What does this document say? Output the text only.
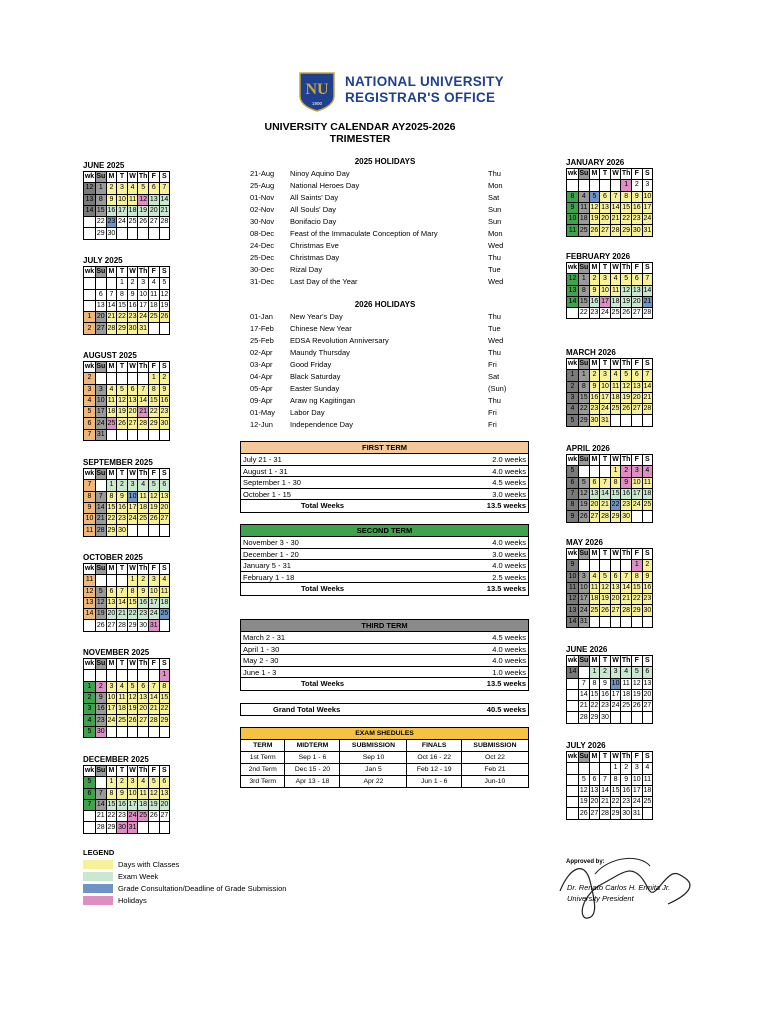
NU
1900
NATIONAL UNIVERSITY
REGISTRAR'S OFFICE
UNIVERSITY CALENDAR AY2025-2026
TRIMESTER
JUNE 2025
wk	Su	M	T	W	Th	F	S
12	1	2	3	4	5	6	7
13	8	9	10	11	12	13	14
14	15	16	17	18	19	20	21
	22	23	24	25	26	27	28
	29	30					
JULY 2025
wk	Su	M	T	W	Th	F	S
			1	2	3	4	5
	6	7	8	9	10	11	12
	13	14	15	16	17	18	19
1	20	21	22	23	24	25	26
2	27	28	29	30	31		
AUGUST 2025
wk	Su	M	T	W	Th	F	S
2						1	2
3	3	4	5	6	7	8	9
4	10	11	12	13	14	15	16
5	17	18	19	20	21	22	23
6	24	25	26	27	28	29	30
7	31						
SEPTEMBER 2025
wk	Su	M	T	W	Th	F	S
7		1	2	3	4	5	6
8	7	8	9	10	11	12	13
9	14	15	16	17	18	19	20
10	21	22	23	24	25	26	27
11	28	29	30				
OCTOBER 2025
wk	Su	M	T	W	Th	F	S
11				1	2	3	4
12	5	6	7	8	9	10	11
13	12	13	14	15	16	17	18
14	19	20	21	22	23	24	25
	26	27	28	29	30	31	
NOVEMBER 2025
wk	Su	M	T	W	Th	F	S
							1
1	2	3	4	5	6	7	8
2	9	10	11	12	13	14	15
3	16	17	18	19	20	21	22
4	23	24	25	26	27	28	29
5	30						
DECEMBER 2025
wk	Su	M	T	W	Th	F	S
5		1	2	3	4	5	6
6	7	8	9	10	11	12	13
7	14	15	16	17	18	19	20
	21	22	23	24	25	26	27
	28	29	30	31			
JANUARY 2026
wk	Su	M	T	W	Th	F	S
					1	2	3
8	4	5	6	7	8	9	10
9	11	12	13	14	15	16	17
10	18	19	20	21	22	23	24
11	25	26	27	28	29	30	31
FEBRUARY 2026
wk	Su	M	T	W	Th	F	S
12	1	2	3	4	5	6	7
13	8	9	10	11	12	13	14
14	15	16	17	18	19	20	21
	22	23	24	25	26	27	28
MARCH 2026
wk	Su	M	T	W	Th	F	S
1	1	2	3	4	5	6	7
2	8	9	10	11	12	13	14
3	15	16	17	18	19	20	21
4	22	23	24	25	26	27	28
5	29	30	31				
APRIL 2026
wk	Su	M	T	W	Th	F	S
5				1	2	3	4
6	5	6	7	8	9	10	11
7	12	13	14	15	16	17	18
8	19	20	21	22	23	24	25
9	26	27	28	29	30		
MAY 2026
wk	Su	M	T	W	Th	F	S
9						1	2
10	3	4	5	6	7	8	9
11	10	11	12	13	14	15	16
12	17	18	19	20	21	22	23
13	24	25	26	27	28	29	30
14	31						
JUNE 2026
wk	Su	M	T	W	Th	F	S
14		1	2	3	4	5	6
	7	8	9	10	11	12	13
	14	15	16	17	18	19	20
	21	22	23	24	25	26	27
	28	29	30				
JULY 2026
wk	Su	M	T	W	Th	F	S
				1	2	3	4
	5	6	7	8	9	10	11
	12	13	14	15	16	17	18
	19	20	21	22	23	24	25
	26	27	28	29	30	31	
2025 HOLIDAYS
21-Aug Ninoy Aquino Day	Thu
25-Aug National Heroes Day	Mon
01-Nov All Saints' Day	Sat
02-Nov All Souls' Day	Sun
30-Nov Bonifacio Day	Sun
08-Dec Feast of the Immaculate Conception of Mary	Mon
24-Dec Christmas Eve	Wed
25-Dec Christmas Day	Thu
30-Dec Rizal Day	Tue
31-Dec Last Day of the Year	Wed
2026 HOLIDAYS
01-Jan New Year's Day	Thu
17-Feb Chinese New Year	Tue
25-Feb EDSA Revolution Anniversary	Wed
02-Apr Maundy Thursday	Thu
03-Apr Good Friday	Fri
04-Apr Black Saturday	Sat
05-Apr Easter Sunday	(Sun)
09-Apr Araw ng Kagitingan	Thu
01-May Labor Day	Fri
12-Jun Independence Day	Fri
FIRST TERM
July 21 - 31	2.0 weeks
August 1 - 31	4.0 weeks
September 1 - 30	4.5 weeks
October 1 - 15	3.0 weeks
Total Weeks	13.5 weeks
SECOND TERM
November 3 - 30	4.0 weeks
December 1 - 20	3.0 weeks
January 5 - 31	4.0 weeks
February 1 - 18	2.5 weeks
Total Weeks	13.5 weeks
THIRD TERM
March 2 - 31	4.5 weeks
April 1 - 30	4.0 weeks
May 2 - 30	4.0 weeks
June 1 - 3	1.0 weeks
Total Weeks	13.5 weeks
Grand Total Weeks	40.5 weeks
EXAM SHEDULES				
TERM	MIDTERM	SUBMISSION	FINALS	SUBMISSION
1st Term	Sep 1 - 6	Sep 10	Oct 16 - 22	Oct 22
2nd Term	Dec 15 - 20	Jan 5	Feb 12 - 19	Feb 21
3rd Term	Apr 13 - 18	Apr 22	Jun 1 - 6	Jun-10
LEGEND
Days with Classes
Exam Week
Grade Consultation/Deadline of Grade Submission
Holidays
Approved by:
Dr. Renato Carlos H. Ermita Jr.
University President
